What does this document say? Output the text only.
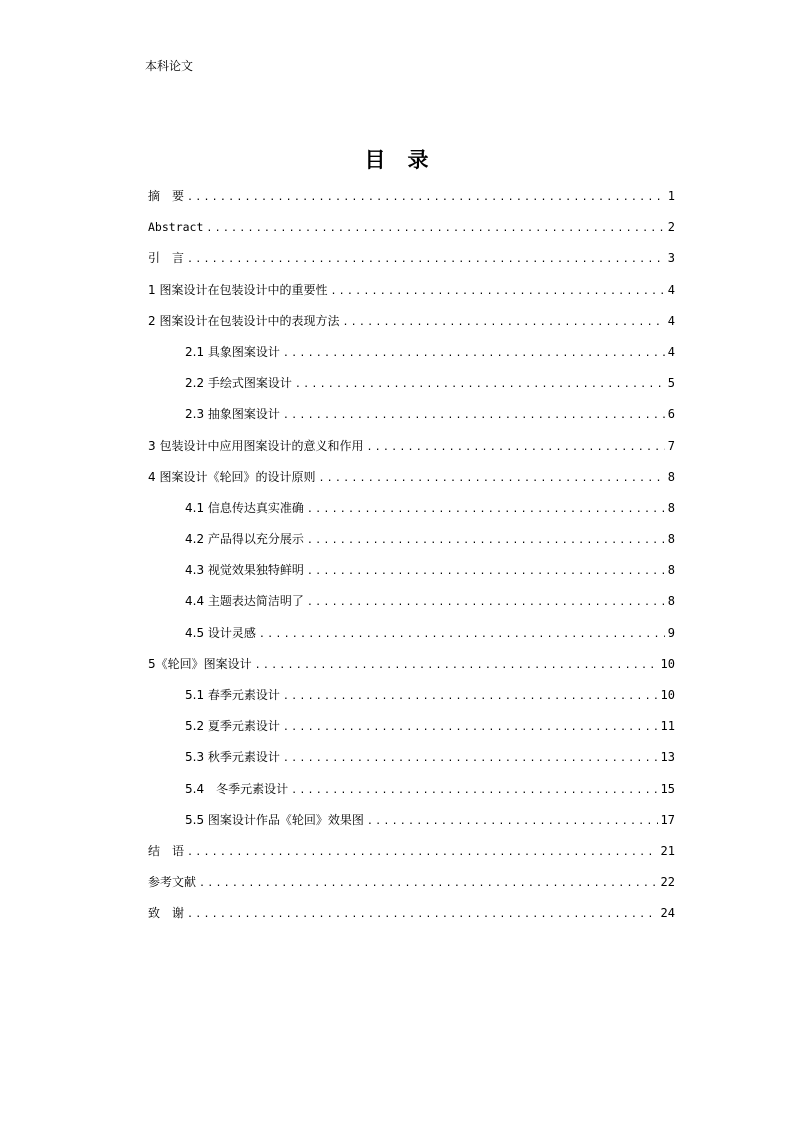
本科论文
目录
摘　要 .....	1
Abstract .....	2
引　言 .....	3
1 图案设计在包装设计中的重要性 .....	4
2 图案设计在包装设计中的表现方法 .....	4
2.1 具象图案设计 .....	4
2.2 手绘式图案设计 .....	5
2.3 抽象图案设计 .....	6
3 包装设计中应用图案设计的意义和作用 .....	7
4 图案设计《轮回》的设计原则 .....	8
4.1 信息传达真实准确 .....	8
4.2 产品得以充分展示 .....	8
4.3 视觉效果独特鲜明 .....	8
4.4 主题表达简洁明了 .....	8
4.5 设计灵感 .....	9
5《轮回》图案设计 .....	10
5.1 春季元素设计 .....	10
5.2 夏季元素设计 .....	11
5.3 秋季元素设计 .....	13
5.4　冬季元素设计 .....	15
5.5 图案设计作品《轮回》效果图 .....	17
结　语 .....	21
参考文献 .....	22
致　谢 .....	24
